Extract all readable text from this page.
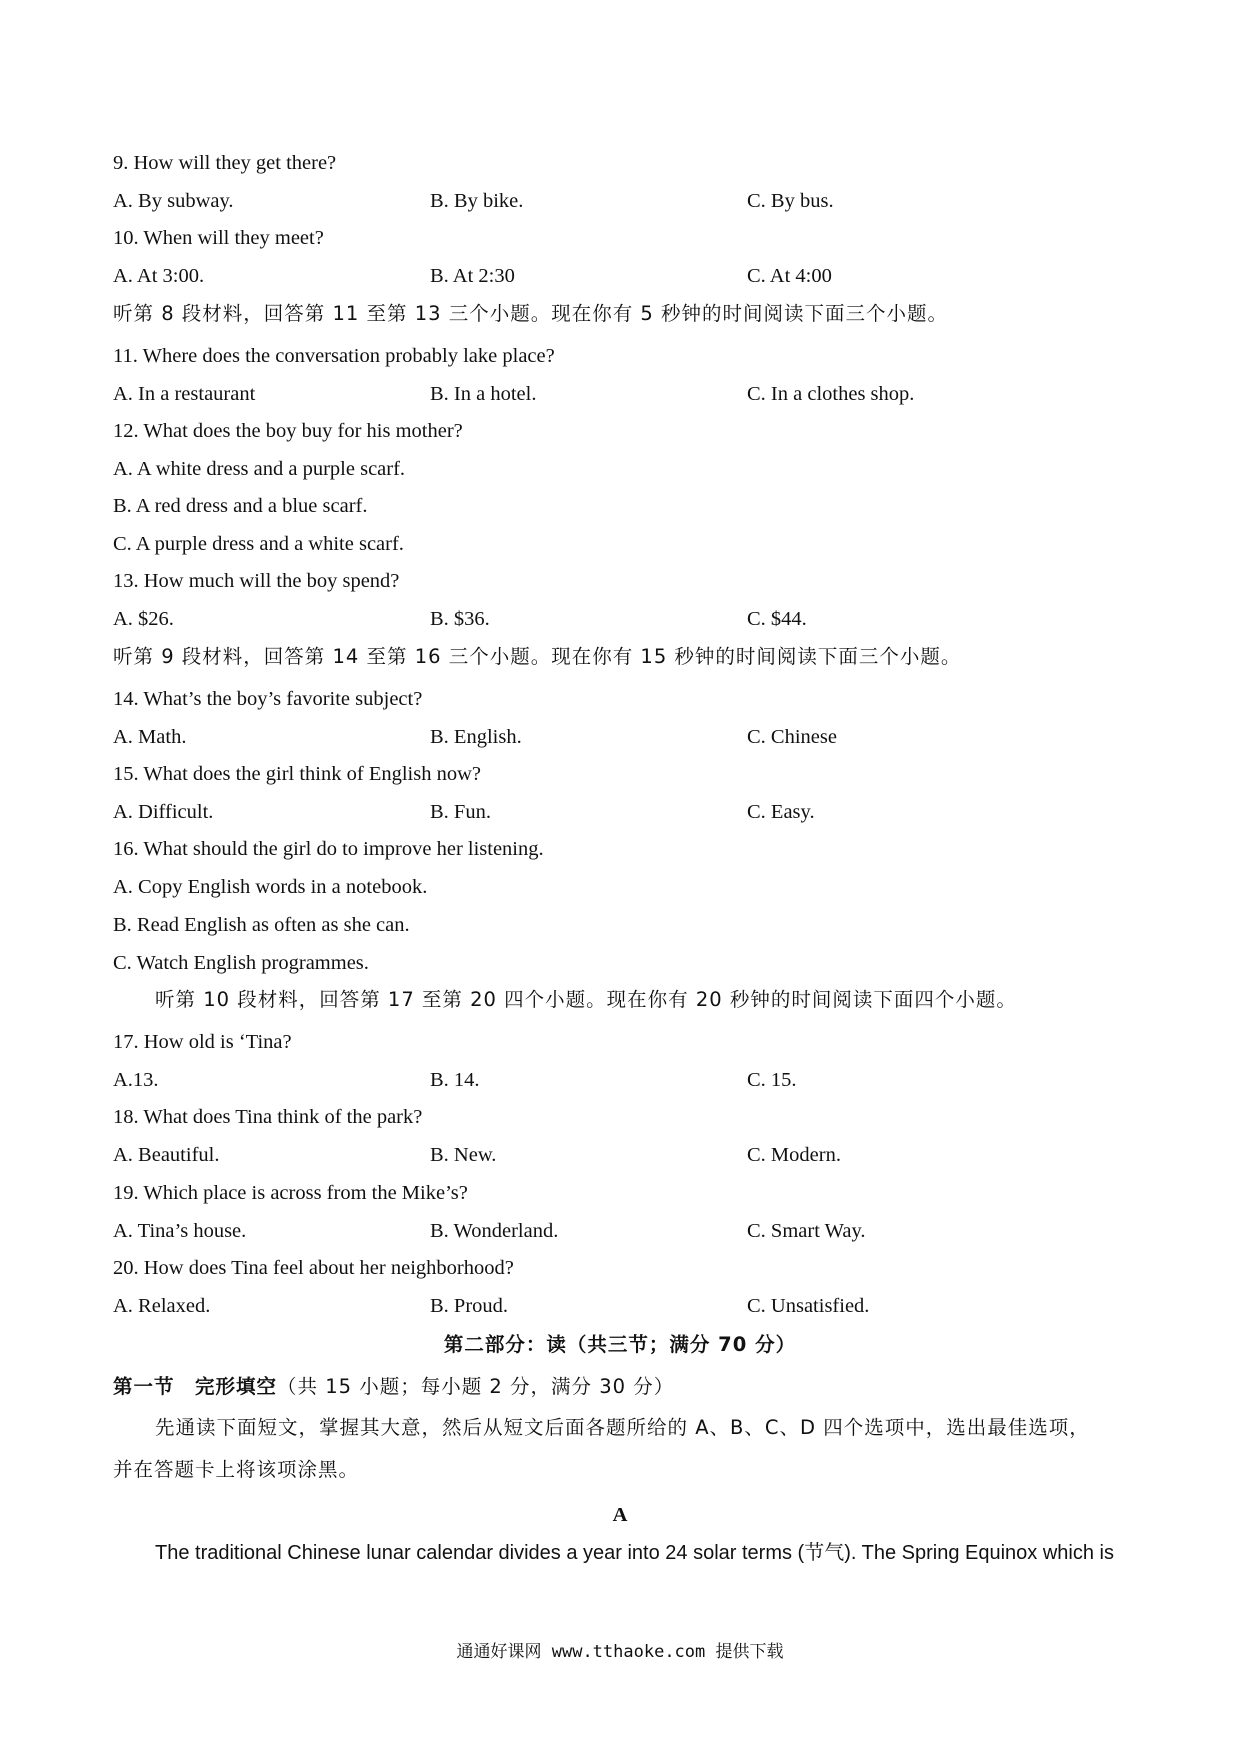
9. How will they get there?
A. By subway.	B. By bike.	C. By bus.
10. When will they meet?
A. At 3:00.	B. At 2:30	C. At 4:00
听第 8 段材料，回答第 11 至第 13 三个小题。现在你有 5 秒钟的时间阅读下面三个小题。
11. Where does the conversation probably lake place?
A. In a restaurant	B. In a hotel.	C. In a clothes shop.
12. What does the boy buy for his mother?
A. A white dress and a purple scarf.
B. A red dress and a blue scarf.
C. A purple dress and a white scarf.
13. How much will the boy spend?
A. $26.	B. $36.	C. $44.
听第 9 段材料，回答第 14 至第 16 三个小题。现在你有 15 秒钟的时间阅读下面三个小题。
14. What’s the boy’s favorite subject?
A. Math.	B. English.	C. Chinese
15. What does the girl think of English now?
A. Difficult.	B. Fun.	C. Easy.
16. What should the girl do to improve her listening.
A. Copy English words in a notebook.
B. Read English as often as she can.
C. Watch English programmes.
听第 10 段材料，回答第 17 至第 20 四个小题。现在你有 20 秒钟的时间阅读下面四个小题。
17. How old is ‘Tina?
A.13.	B. 14.	C. 15.
18. What does Tina think of the park?
A. Beautiful.	B. New.	C. Modern.
19. Which place is across from the Mike’s?
A. Tina’s house.	B. Wonderland.	C. Smart Way.
20. How does Tina feel about her neighborhood?
A. Relaxed.	B. Proud.	C. Unsatisfied.
第二部分：读（共三节；满分 70 分）
第一节　完形填空（共 15 小题；每小题 2 分，满分 30 分）
先通读下面短文，掌握其大意，然后从短文后面各题所给的 A、B、C、D 四个选项中，选出最佳选项，
并在答题卡上将该项涂黑。
A
The traditional Chinese lunar calendar divides a year into 24 solar terms (节气). The Spring Equinox which is
通通好课网 www.tthaoke.com 提供下载
